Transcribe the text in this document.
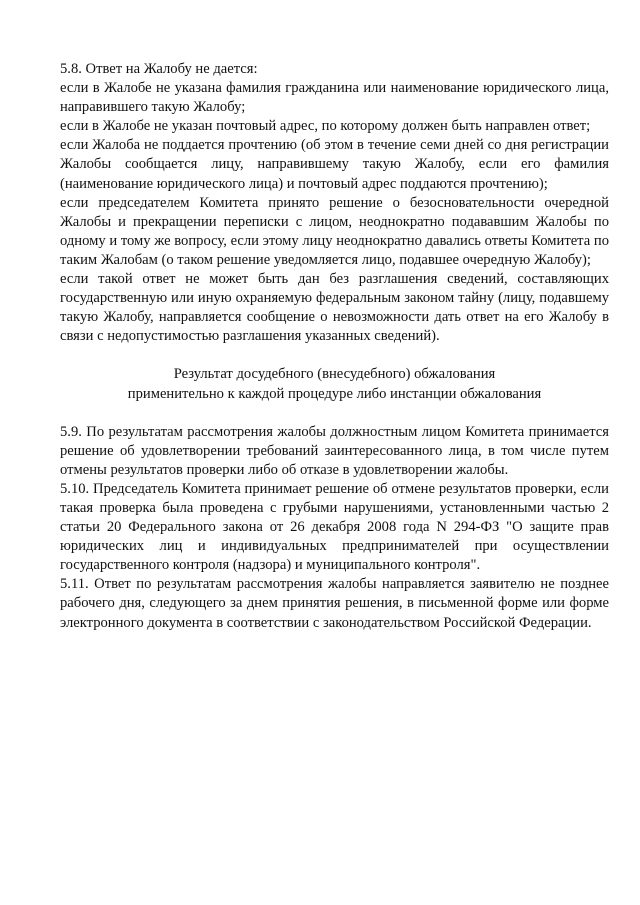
5.8. Ответ на Жалобу не дается:

если в Жалобе не указана фамилия гражданина или наименование юридического лица, направившего такую Жалобу;

если в Жалобе не указан почтовый адрес, по которому должен быть направлен ответ;

если Жалоба не поддается прочтению (об этом в течение семи дней со дня регистрации Жалобы сообщается лицу, направившему такую Жалобу, если его фамилия (наименование юридического лица) и почтовый адрес поддаются прочтению);

если председателем Комитета принято решение о безосновательности очередной Жалобы и прекращении переписки с лицом, неоднократно подававшим Жалобы по одному и тому же вопросу, если этому лицу неоднократно давались ответы Комитета по таким Жалобам (о таком решение уведомляется лицо, подавшее очередную Жалобу);

если такой ответ не может быть дан без разглашения сведений, составляющих государственную или иную охраняемую федеральным законом тайну (лицу, подавшему такую Жалобу, направляется сообщение о невозможности дать ответ на его Жалобу в связи с недопустимостью разглашения указанных сведений).

Результат досудебного (внесудебного) обжалования

применительно к каждой процедуре либо инстанции обжалования

5.9. По результатам рассмотрения жалобы должностным лицом Комитета принимается решение об удовлетворении требований заинтересованного лица, в том числе путем отмены результатов проверки либо об отказе в удовлетворении жалобы.

5.10. Председатель Комитета принимает решение об отмене результатов проверки, если такая проверка была проведена с грубыми нарушениями, установленными частью 2 статьи 20 Федерального закона от 26 декабря 2008 года N 294-ФЗ "О защите прав юридических лиц и индивидуальных предпринимателей при осуществлении государственного контроля (надзора) и муниципального контроля".

5.11. Ответ по результатам рассмотрения жалобы направляется заявителю не позднее рабочего дня, следующего за днем принятия решения, в письменной форме или форме электронного документа в соответствии с законодательством Российской Федерации.
